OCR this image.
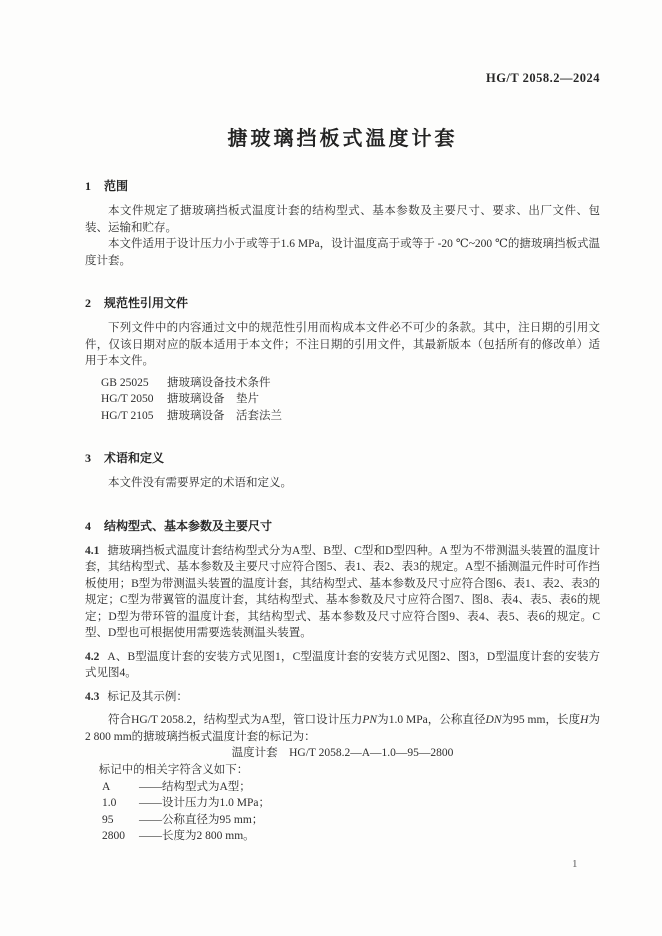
HG/T 2058.2—2024
搪玻璃挡板式温度计套
1 范围

本文件规定了搪玻璃挡板式温度计套的结构型式、基本参数及主要尺寸、要求、出厂文件、包装、运输和贮存。

本文件适用于设计压力小于或等于1.6 MPa，设计温度高于或等于 -20 ℃~200 ℃的搪玻璃挡板式温度计套。

2 规范性引用文件

下列文件中的内容通过文中的规范性引用而构成本文件必不可少的条款。其中，注日期的引用文件，仅该日期对应的版本适用于本文件；不注日期的引用文件，其最新版本（包括所有的修改单）适用于本文件。

GB 25025	搪玻璃设备技术条件
HG/T 2050	搪玻璃设备　垫片
HG/T 2105	搪玻璃设备　活套法兰
3 术语和定义

本文件没有需要界定的术语和定义。

4 结构型式、基本参数及主要尺寸

4.1 搪玻璃挡板式温度计套结构型式分为A型、B型、C型和D型四种。A 型为不带测温头装置的温度计套，其结构型式、基本参数及主要尺寸应符合图5、表1、表2、表3的规定。A型不插测温元件时可作挡板使用；B型为带测温头装置的温度计套，其结构型式、基本参数及尺寸应符合图6、表1、表2、表3的规定；C型为带翼管的温度计套，其结构型式、基本参数及尺寸应符合图7、图8、表4、表5、表6的规定；D型为带环管的温度计套，其结构型式、基本参数及尺寸应符合图9、表4、表5、表6的规定。C型、D型也可根据使用需要选装测温头装置。

4.2 A、B型温度计套的安装方式见图1，C型温度计套的安装方式见图2、图3，D型温度计套的安装方式见图4。

4.3 标记及其示例：

符合HG/T 2058.2，结构型式为A型，管口设计压力PN为1.0 MPa，公称直径DN为95 mm，长度H为2 800 mm的搪玻璃挡板式温度计套的标记为：

温度计套　HG/T 2058.2—A—1.0—95—2800

标记中的相关字符含义如下：

A	—— 结构型式为A型；
1.0	—— 设计压力为1.0 MPa；
95	—— 公称直径为95 mm；
2800	—— 长度为2 800 mm。
1
